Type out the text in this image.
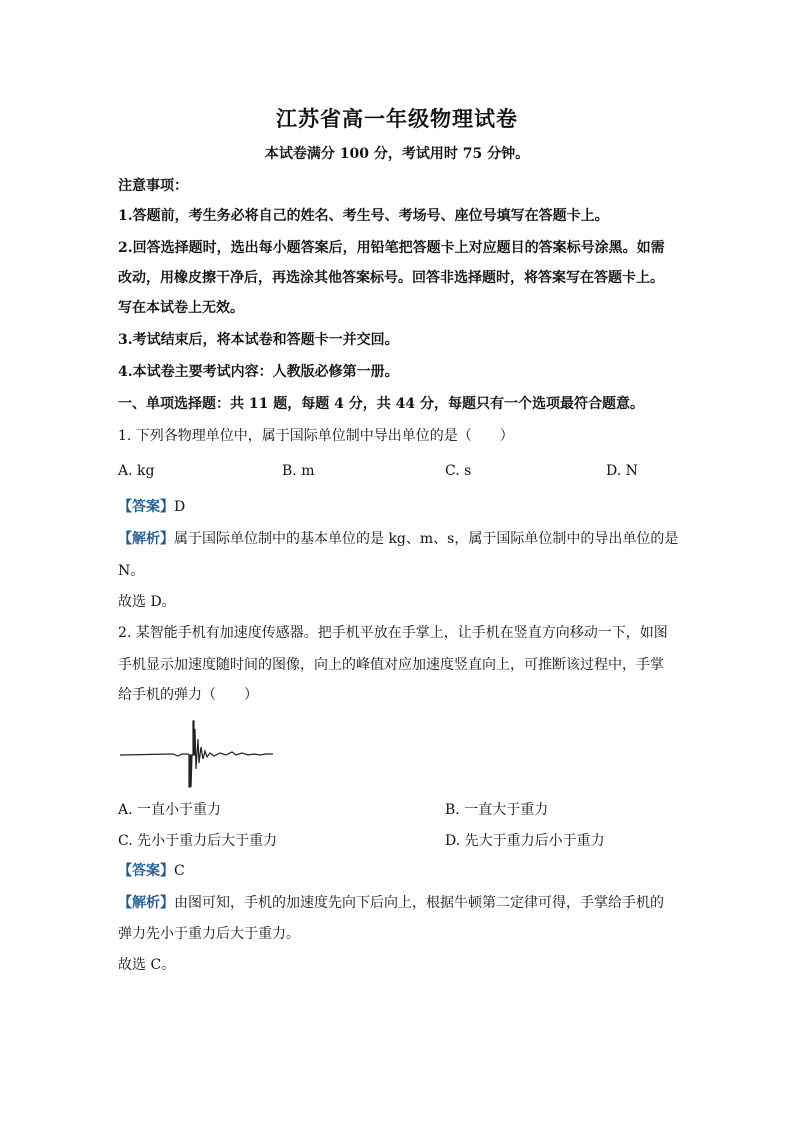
江苏省高一年级物理试卷
本试卷满分 100 分，考试用时 75 分钟。
注意事项：
1.答题前，考生务必将自己的姓名、考生号、考场号、座位号填写在答题卡上。
2.回答选择题时，选出每小题答案后，用铅笔把答题卡上对应题目的答案标号涂黑。如需
改动，用橡皮擦干净后，再选涂其他答案标号。回答非选择题时，将答案写在答题卡上。
写在本试卷上无效。
3.考试结束后，将本试卷和答题卡一并交回。
4.本试卷主要考试内容：人教版必修第一册。
一、单项选择题：共 11 题，每题 4 分，共 44 分，每题只有一个选项最符合题意。
1. 下列各物理单位中，属于国际单位制中导出单位的是（　　）
A. kg	B. m	C. s	D. N
【答案】D
【解析】属于国际单位制中的基本单位的是 kg、m、s，属于国际单位制中的导出单位的是
N。
故选 D。
2. 某智能手机有加速度传感器。把手机平放在手掌上，让手机在竖直方向移动一下，如图
手机显示加速度随时间的图像，向上的峰值对应加速度竖直向上，可推断该过程中，手掌
给手机的弹力（　　）
A. 一直小于重力	B. 一直大于重力
C. 先小于重力后大于重力	D. 先大于重力后小于重力
【答案】C
【解析】由图可知，手机的加速度先向下后向上，根据牛顿第二定律可得，手掌给手机的
弹力先小于重力后大于重力。
故选 C。
